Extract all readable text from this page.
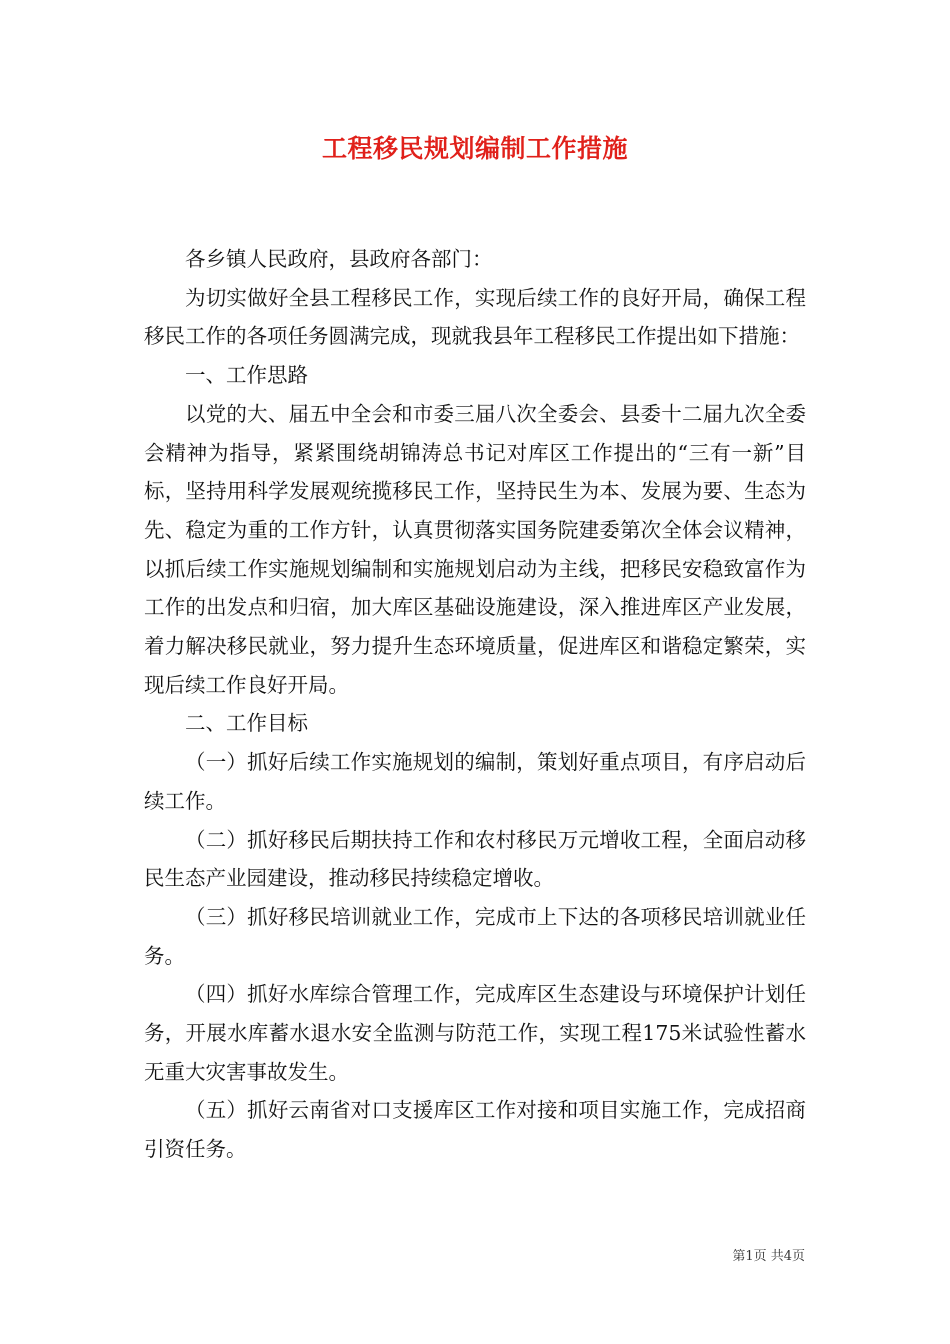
工程移民规划编制工作措施

各乡镇人民政府，县政府各部门：

为切实做好全县工程移民工作，实现后续工作的良好开局，确保工程移民工作的各项任务圆满完成，现就我县年工程移民工作提出如下措施：

一、工作思路

以党的大、届五中全会和市委三届八次全委会、县委十二届九次全委会精神为指导，紧紧围绕胡锦涛总书记对库区工作提出的“三有一新”目标，坚持用科学发展观统揽移民工作，坚持民生为本、发展为要、生态为先、稳定为重的工作方针，认真贯彻落实国务院建委第次全体会议精神，以抓后续工作实施规划编制和实施规划启动为主线，把移民安稳致富作为工作的出发点和归宿，加大库区基础设施建设，深入推进库区产业发展，着力解决移民就业，努力提升生态环境质量，促进库区和谐稳定繁荣，实现后续工作良好开局。

二、工作目标

（一）抓好后续工作实施规划的编制，策划好重点项目，有序启动后续工作。

（二）抓好移民后期扶持工作和农村移民万元增收工程，全面启动移民生态产业园建设，推动移民持续稳定增收。

（三）抓好移民培训就业工作，完成市上下达的各项移民培训就业任务。

（四）抓好水库综合管理工作，完成库区生态建设与环境保护计划任务，开展水库蓄水退水安全监测与防范工作，实现工程175米试验性蓄水无重大灾害事故发生。

（五）抓好云南省对口支援库区工作对接和项目实施工作，完成招商引资任务。

第1页 共4页
